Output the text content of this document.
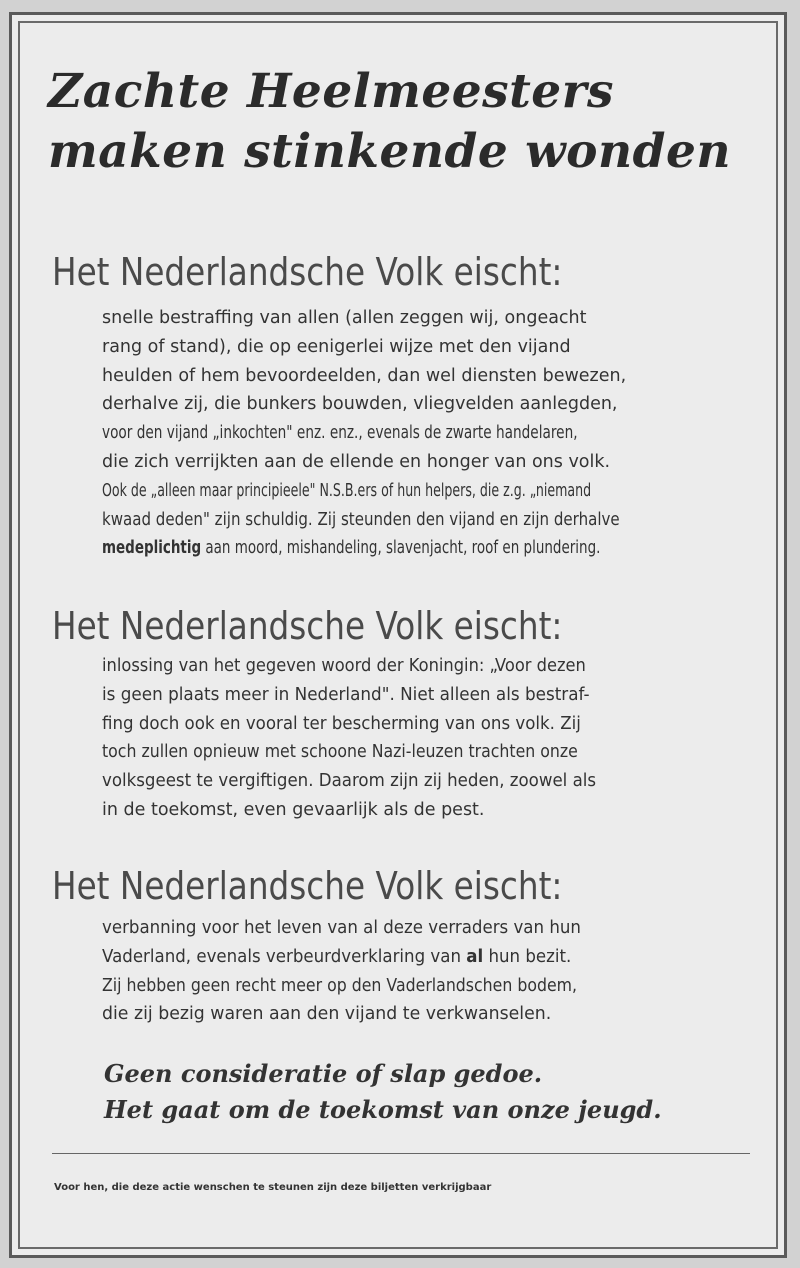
Zachte Heelmeesters
maken stinkende wonden
Het Nederlandsche Volk eischt:
snelle bestraffing van allen (allen zeggen wij, ongeacht
rang of stand), die op eenigerlei wijze met den vijand
heulden of hem bevoordeelden, dan wel diensten bewezen,
derhalve zij, die bunkers bouwden, vliegvelden aanlegden,
voor den vijand „inkochten" enz. enz., evenals de zwarte handelaren,
die zich verrijkten aan de ellende en honger van ons volk.
Ook de „alleen maar principieele" N.S.B.ers of hun helpers, die z.g. „niemand
kwaad deden" zijn schuldig. Zij steunden den vijand en zijn derhalve
medeplichtig aan moord, mishandeling, slavenjacht, roof en plundering.
Het Nederlandsche Volk eischt:
inlossing van het gegeven woord der Koningin: „Voor dezen
is geen plaats meer in Nederland". Niet alleen als bestraf-
fing doch ook en vooral ter bescherming van ons volk. Zij
toch zullen opnieuw met schoone Nazi-leuzen trachten onze
volksgeest te vergiftigen. Daarom zijn zij heden, zoowel als
in de toekomst, even gevaarlijk als de pest.
Het Nederlandsche Volk eischt:
verbanning voor het leven van al deze verraders van hun
Vaderland, evenals verbeurdverklaring van al hun bezit.
Zij hebben geen recht meer op den Vaderlandschen bodem,
die zij bezig waren aan den vijand te verkwanselen.
Geen consideratie of slap gedoe.
Het gaat om de toekomst van onze jeugd.
Voor hen, die deze actie wenschen te steunen zijn deze biljetten verkrijgbaar
